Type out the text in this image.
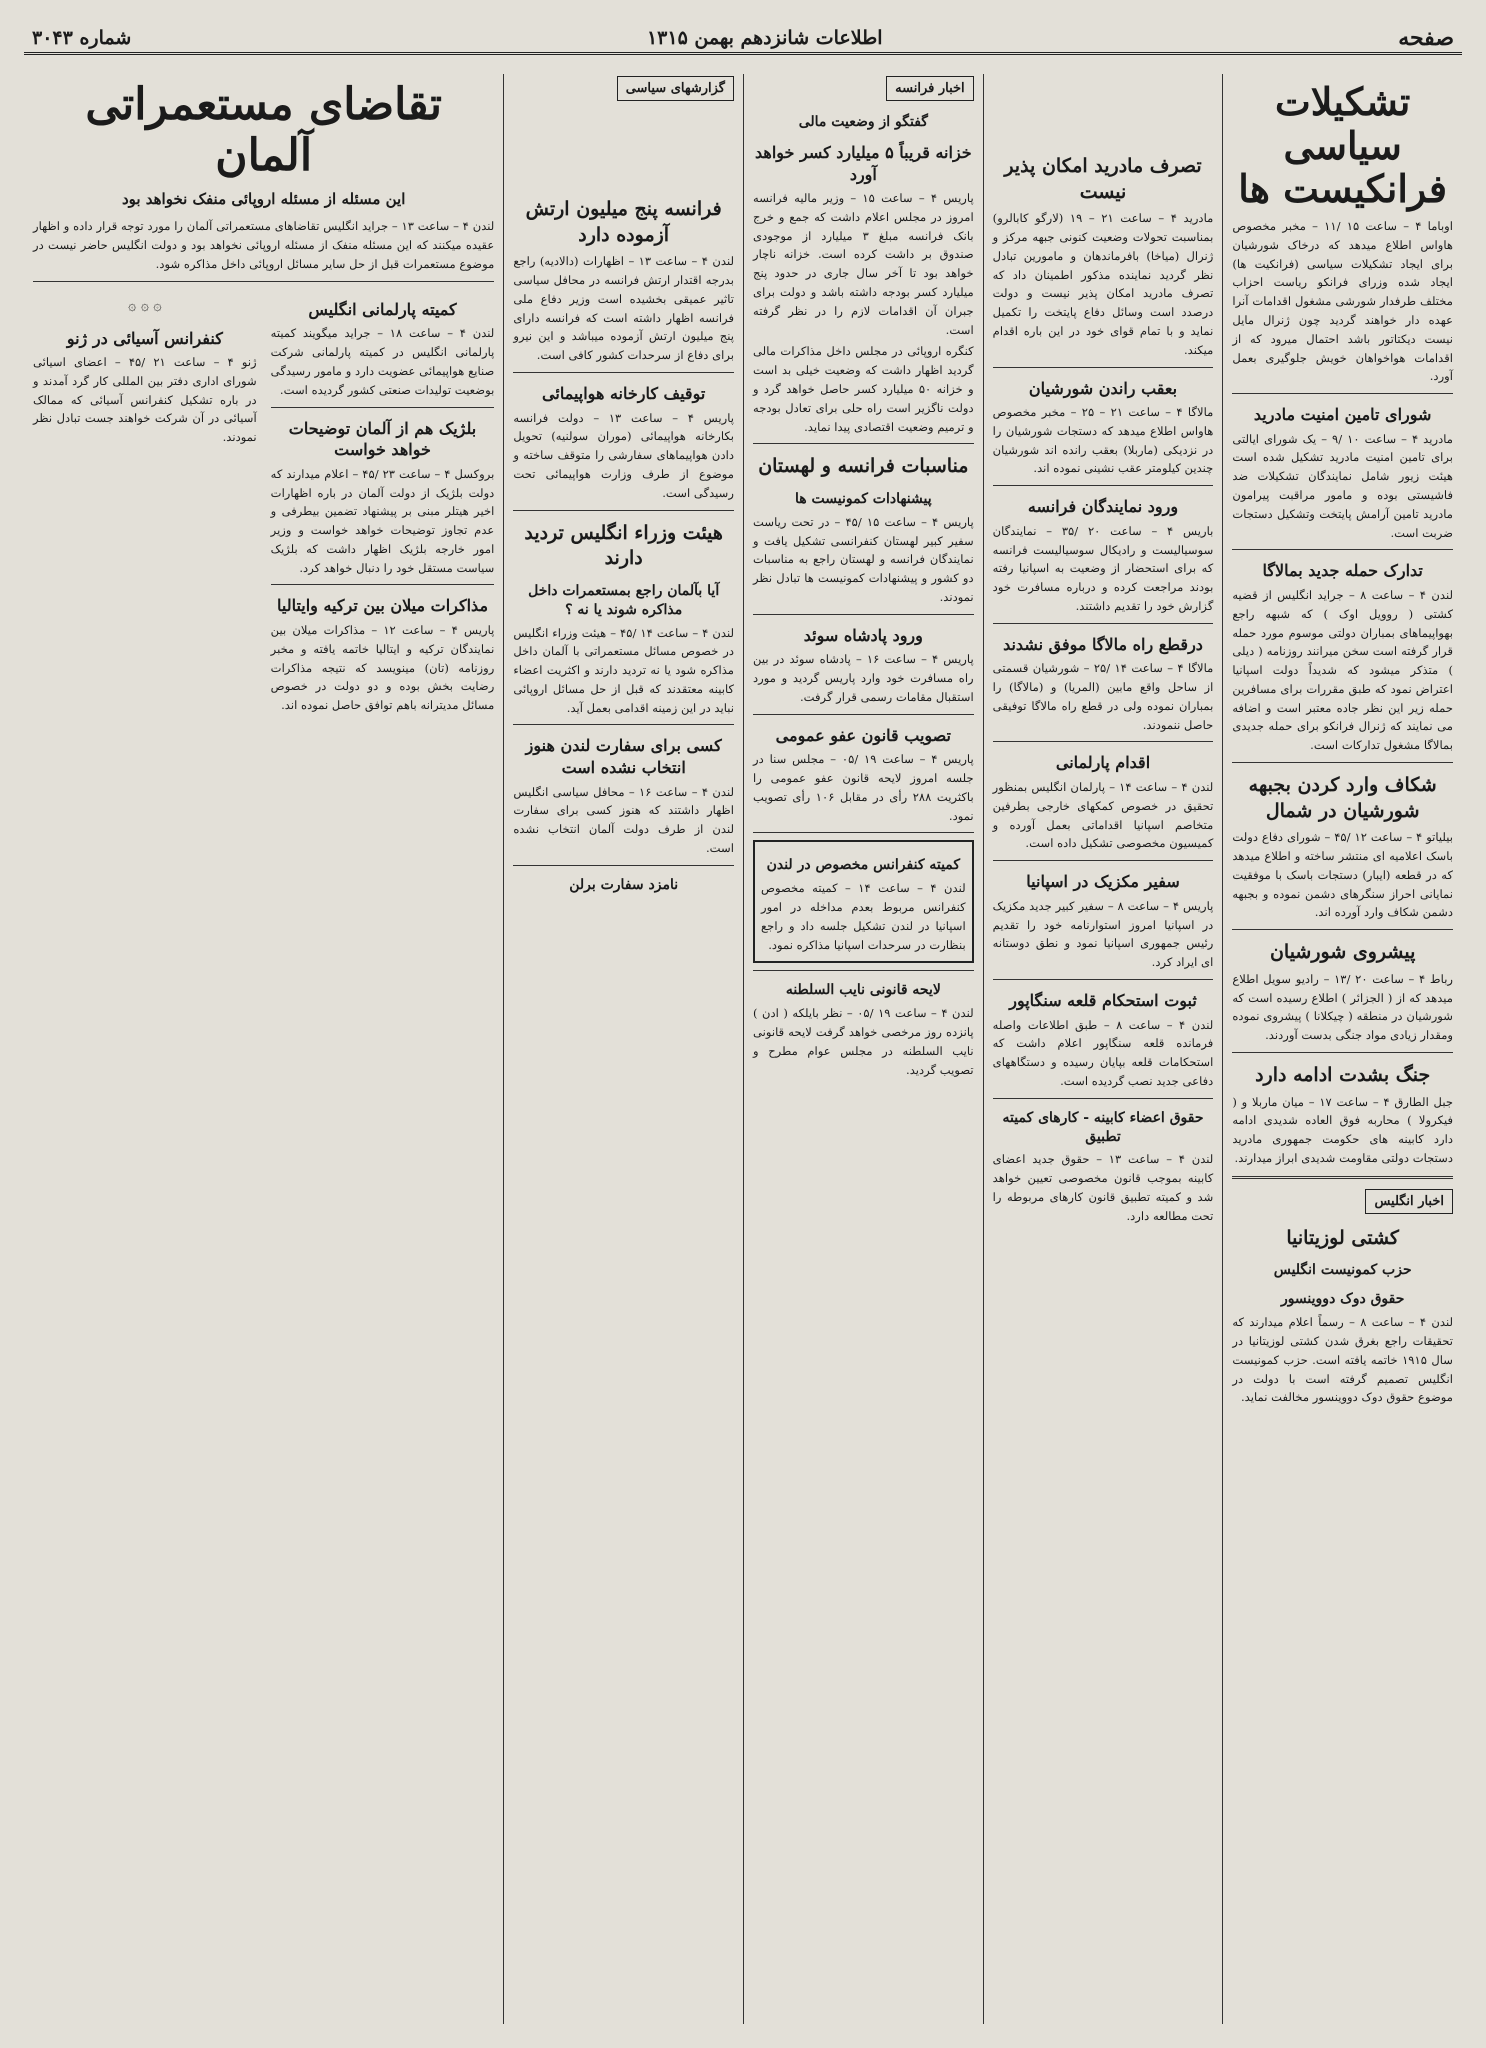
صفحه
اطلاعات شانزدهم بهمن ۱۳۱۵
شماره ۳۰۴۳
تشکیلات سیاسی فرانکیست ها

اوباما ۴ – ساعت ۱۵ /۱۱ – مخبر مخصوص هاواس اطلاع میدهد که درخاک شورشیان برای ایجاد تشکیلات سیاسی (فرانکیت ها) ایجاد شده وزرای فرانکو ریاست احزاب مختلف طرفدار شورشی مشغول اقدامات آنرا عهده دار خواهند گردید چون ژنرال مایل نیست دیکتاتور باشد احتمال میرود که از اقدامات هواخواهان خویش جلوگیری بعمل آورد.

شورای تامین امنیت مادرید

مادرید ۴ – ساعت ۱۰ /۹ – یک شورای ایالتی برای تامین امنیت مادرید تشکیل شده است هیئت زیور شامل نمایندگان تشکیلات ضد فاشیستی بوده و مامور مراقبت پیرامون مادرید تامین آرامش پایتخت وتشکیل دستجات ضربت است.

تدارک حمله جدید بمالاگا

لندن ۴ – ساعت ۸ – جراید انگلیس از قضیه کشتی ( روویل اوک ) که شبهه راجع بهواپیماهای بمباران دولتی موسوم مورد حمله قرار گرفته است سخن میرانند روزنامه ( دیلی ) متذکر میشود که شدیداً دولت اسپانیا اعتراض نمود که طبق مقررات برای مسافرین حمله زیر این نظر جاده معتبر است و اضافه می نمایند که ژنرال فرانکو برای حمله جدیدی بمالاگا مشغول تدارکات است.

شکاف وارد کردن بجبهه شورشیان در شمال

بیلیاتو ۴ – ساعت ۱۲ /۴۵ – شورای دفاع دولت باسک اعلامیه ای منتشر ساخته و اطلاع میدهد که در قطعه (ایبار) دستجات باسک با موفقیت نمایانی احراز سنگرهای دشمن نموده و بجبهه دشمن شکاف وارد آورده اند.

پیشروی شورشیان

رباط ۴ – ساعت ۲۰ /۱۳ – رادیو سویل اطلاع میدهد که از ( الجزائر ) اطلاع رسیده است که شورشیان در منطقه ( چیکلانا ) پیشروی نموده ومقدار زیادی مواد جنگی بدست آوردند.

جنگ بشدت ادامه دارد

جبل الطارق ۴ – ساعت ۱۷ – میان ماربلا و ( فیکرولا ) محاربه فوق العاده شدیدی ادامه دارد کابینه های حکومت جمهوری مادرید دستجات دولتی مقاومت شدیدی ابراز میدارند.

اخبار انگلیس
کشتی لوزیتانیا
حزب کمونیست انگلیس
حقوق دوک دووینسور

لندن ۴ – ساعت ۸ – رسماً اعلام میدارند که تحقیقات راجع بغرق شدن کشتی لوزیتانیا در سال ۱۹۱۵ خاتمه یافته است. حزب کمونیست انگلیس تصمیم گرفته است با دولت در موضوع حقوق دوک دووینسور مخالفت نماید.

تصرف مادرید امکان پذیر نیست

مادرید ۴ – ساعت ۲۱ – ۱۹ (لارگو کابالرو) بمناسبت تحولات وضعیت کنونی جبهه مرکز و ژنرال (میاخا) بافرماندهان و مامورین تبادل نظر گردید نماینده مذکور اطمینان داد که تصرف مادرید امکان پذیر نیست و دولت درصدد است وسائل دفاع پایتخت را تکمیل نماید و با تمام قوای خود در این باره اقدام میکند.

بعقب راندن شورشیان

مالاگا ۴ – ساعت ۲۱ – ۲۵ – مخبر مخصوص هاواس اطلاع میدهد که دستجات شورشیان را در نزدیکی (ماربلا) بعقب رانده اند شورشیان چندین کیلومتر عقب نشینی نموده اند.

ورود نمایندگان فرانسه

باریس ۴ – ساعت ۲۰ /۳۵ – نمایندگان سوسیالیست و رادیکال سوسیالیست فرانسه که برای استحضار از وضعیت به اسپانیا رفته بودند مراجعت کرده و درباره مسافرت خود گزارش خود را تقدیم داشتند.

درقطع راه مالاگا موفق نشدند

مالاگا ۴ – ساعت ۱۴ /۲۵ – شورشیان قسمتی از ساحل واقع مابین (المریا) و (مالاگا) را بمباران نموده ولی در قطع راه مالاگا توفیقی حاصل ننمودند.

اقدام پارلمانی

لندن ۴ – ساعت ۱۴ – پارلمان انگلیس بمنظور تحقیق در خصوص کمکهای خارجی بطرفین متخاصم اسپانیا اقداماتی بعمل آورده و کمیسیون مخصوصی تشکیل داده است.

سفیر مکزیک در اسپانیا

پاریس ۴ – ساعت ۸ – سفیر کبیر جدید مکزیک در اسپانیا امروز استوارنامه خود را تقدیم رئیس جمهوری اسپانیا نمود و نطق دوستانه ای ایراد کرد.

ثبوت استحکام قلعه سنگاپور

لندن ۴ – ساعت ۸ – طبق اطلاعات واصله فرمانده قلعه سنگاپور اعلام داشت که استحکامات قلعه بپایان رسیده و دستگاههای دفاعی جدید نصب گردیده است.

حقوق اعضاء کابینه - کارهای کمیته تطبیق

لندن ۴ – ساعت ۱۳ – حقوق جدید اعضای کابینه بموجب قانون مخصوصی تعیین خواهد شد و کمیته تطبیق قانون کارهای مربوطه را تحت مطالعه دارد.

اخبار فرانسه
گفتگو از وضعیت مالی
خزانه قریباً ۵ میلیارد کسر خواهد آورد

پاریس ۴ – ساعت ۱۵ – وزیر مالیه فرانسه امروز در مجلس اعلام داشت که جمع و خرج بانک فرانسه مبلغ ۳ میلیارد از موجودی صندوق بر داشت کرده است. خزانه ناچار خواهد بود تا آخر سال جاری در حدود پنج میلیارد کسر بودجه داشته باشد و دولت برای جبران آن اقدامات لازم را در نظر گرفته است.

کنگره اروپائی در مجلس داخل مذاکرات مالی گردید اظهار داشت که وضعیت خیلی بد است و خزانه ۵۰ میلیارد کسر حاصل خواهد گرد و دولت ناگزیر است راه حلی برای تعادل بودجه و ترمیم وضعیت اقتصادی پیدا نماید.

مناسبات فرانسه و لهستان
پیشنهادات کمونیست ها

پاریس ۴ – ساعت ۱۵ /۴۵ – در تحت ریاست سفیر کبیر لهستان کنفرانسی تشکیل یافت و نمایندگان فرانسه و لهستان راجع به مناسبات دو کشور و پیشنهادات کمونیست ها تبادل نظر نمودند.

ورود پادشاه سوئد

پاریس ۴ – ساعت ۱۶ – پادشاه سوئد در بین راه مسافرت خود وارد پاریس گردید و مورد استقبال مقامات رسمی قرار گرفت.

تصویب قانون عفو عمومی

پاریس ۴ – ساعت ۱۹ /۰۵ – مجلس سنا در جلسه امروز لایحه قانون عفو عمومی را باکثریت ۲۸۸ رأی در مقابل ۱۰۶ رأی تصویب نمود.

کمیته کنفرانس مخصوص در لندن

لندن ۴ – ساعت ۱۴ – کمیته مخصوص کنفرانس مربوط بعدم مداخله در امور اسپانیا در لندن تشکیل جلسه داد و راجع بنظارت در سرحدات اسپانیا مذاکره نمود.

لایحه قانونی نایب السلطنه

لندن ۴ – ساعت ۱۹ /۰۵ – نظر بایلکه ( ادن ) پانزده روز مرخصی خواهد گرفت لایحه قانونی نایب السلطنه در مجلس عوام مطرح و تصویب گردید.

گزارشهای سیاسی
فرانسه پنج میلیون ارتش آزموده دارد

لندن ۴ – ساعت ۱۳ – اظهارات (دالادیه) راجع بدرجه اقتدار ارتش فرانسه در محافل سیاسی تاثیر عمیقی بخشیده است وزیر دفاع ملی فرانسه اظهار داشته است که فرانسه دارای پنج میلیون ارتش آزموده میباشد و این نیرو برای دفاع از سرحدات کشور کافی است.

توقیف کارخانه هواپیمائی

پاریس ۴ – ساعت ۱۳ – دولت فرانسه بکارخانه هواپیمائی (موران سولنیه) تحویل دادن هواپیماهای سفارشی را متوقف ساخته و موضوع از طرف وزارت هواپیمائی تحت رسیدگی است.

هیئت وزراء انگلیس تردید دارند
آیا بآلمان راجع بمستعمرات داخل مذاکره شوند یا نه ؟

لندن ۴ – ساعت ۱۴ /۴۵ – هیئت وزراء انگلیس در خصوص مسائل مستعمراتی با آلمان داخل مذاکره شود یا نه تردید دارند و اکثریت اعضاء کابینه معتقدند که قبل از حل مسائل اروپائی نباید در این زمینه اقدامی بعمل آید.

کسی برای سفارت لندن هنوز انتخاب نشده است

لندن ۴ – ساعت ۱۶ – محافل سیاسی انگلیس اظهار داشتند که هنوز کسی برای سفارت لندن از طرف دولت آلمان انتخاب نشده است.

نامزد سفارت برلن
تقاضای مستعمراتی آلمان
این مسئله از مسئله اروپائی منفک نخواهد بود

لندن ۴ – ساعت ۱۳ – جراید انگلیس تقاضاهای مستعمراتی آلمان را مورد توجه قرار داده و اظهار عقیده میکنند که این مسئله منفک از مسئله اروپائی نخواهد بود و دولت انگلیس حاضر نیست در موضوع مستعمرات قبل از حل سایر مسائل اروپائی داخل مذاکره شود.

کمیته پارلمانی انگلیس

لندن ۴ – ساعت ۱۸ – جراید میگویند کمیته پارلمانی انگلیس در کمیته پارلمانی شرکت صنایع هواپیمائی عضویت دارد و مامور رسیدگی بوضعیت تولیدات صنعتی کشور گردیده است.

بلژیک هم از آلمان توضیحات خواهد خواست

بروکسل ۴ – ساعت ۲۳ /۴۵ – اعلام میدارند که دولت بلژیک از دولت آلمان در باره اظهارات اخیر هیتلر مبنی بر پیشنهاد تضمین بیطرفی و عدم تجاوز توضیحات خواهد خواست و وزیر امور خارجه بلژیک اظهار داشت که بلژیک سیاست مستقل خود را دنبال خواهد کرد.

مذاکرات میلان بین ترکیه وایتالیا

پاریس ۴ – ساعت ۱۲ – مذاکرات میلان بین نمایندگان ترکیه و ایتالیا خاتمه یافته و مخبر روزنامه (تان) مینویسد که نتیجه مذاکرات رضایت بخش بوده و دو دولت در خصوص مسائل مدیترانه باهم توافق حاصل نموده اند.

۞ ۞ ۞
کنفرانس آسیائی در ژنو

ژنو ۴ – ساعت ۲۱ /۴۵ – اعضای اسیائی شورای اداری دفتر بین المللی کار گرد آمدند و در باره تشکیل کنفرانس آسیائی که ممالک آسیائی در آن شرکت خواهند جست تبادل نظر نمودند.
